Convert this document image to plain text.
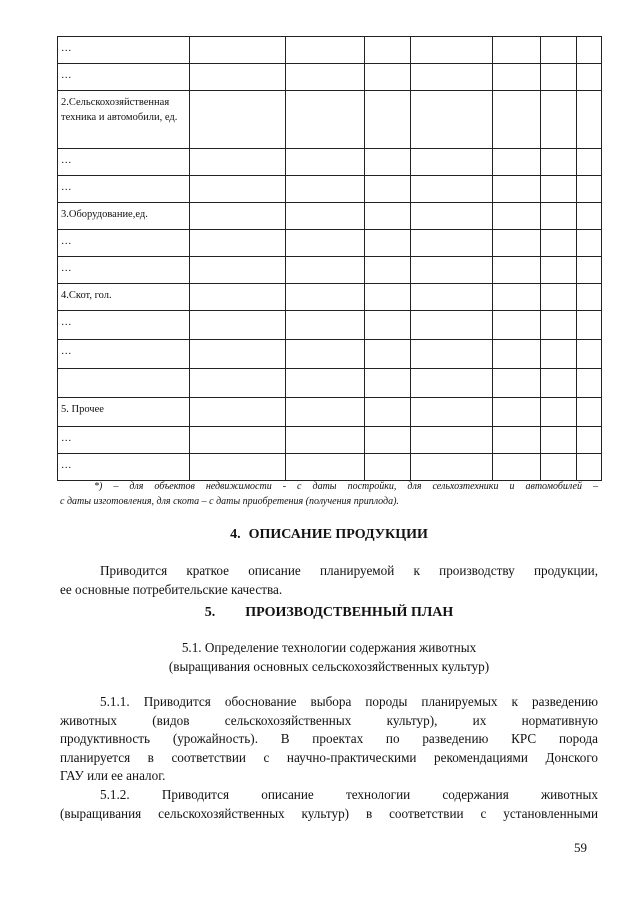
…							
…							
2.Сельскохозяйственная техника и автомобили, ед.							
…							
…							
3.Оборудование,ед.							
…							
…							
4.Скот, гол.							
…							
…							

5. Прочее							
…							
…							
*) – для объектов недвижимости - с даты постройки, для сельхозтехники и автомобилей –
с даты изготовления, для скота – с даты приобретения (получения приплода).
4. ОПИСАНИЕ ПРОДУКЦИИ
Приводится краткое описание планируемой к производству продукции,
ее основные потребительские качества.
5. ПРОИЗВОДСТВЕННЫЙ ПЛАН
5.1. Определение технологии содержания животных
(выращивания основных сельскохозяйственных культур)
5.1.1. Приводится обоснование выбора породы планируемых к разведению
животных (видов сельскохозяйственных культур), их нормативную
продуктивность (урожайность). В проектах по разведению КРС порода
планируется в соответствии с научно-практическими рекомендациями Донского
ГАУ или ее аналог.
5.1.2. Приводится описание технологии содержания животных
(выращивания сельскохозяйственных культур) в соответствии с установленными
59
